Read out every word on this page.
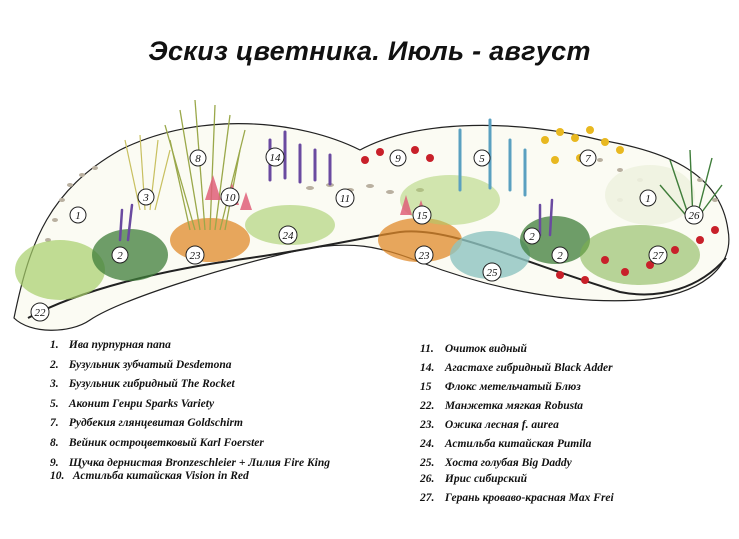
Эскиз цветника. Июль - август
1
2
3
8
10
14
11
24
23
9
15
5
2
7
1
25
26
27
22
2
23
1. Ива пурпурная папа
2. Бузульник зубчатый Desdemona
3. Бузульник гибридный The Rocket
5. Аконит Генри Sparks Variety
7. Рудбекия глянцевитая Goldschirm
8. Вейник остроцветковый Karl Foerster
9. Щучка дернистая Bronzeschleier + Лилия Fire King
10. Астильба китайская Vision in Red
11. Очиток видный
14. Агастахе гибридный Black Adder
15 Флокс метельчатый Блюз
22. Манжетка мягкая Robusta
23. Ожика лесная f. aurea
24. Астильба китайская Pumila
25. Хоста голубая Big Daddy
26. Ирис сибирский
27. Герань кроваво-красная Max Frei
